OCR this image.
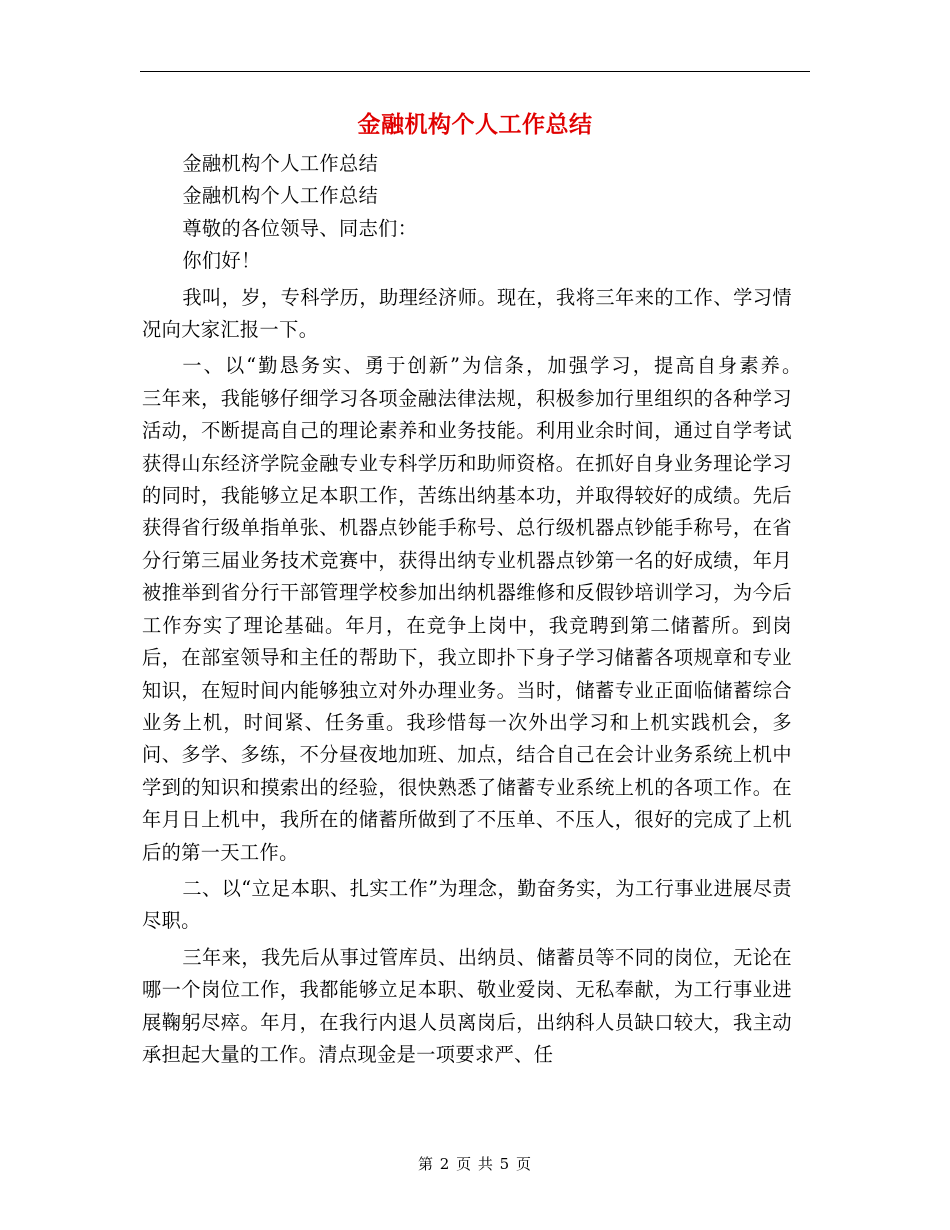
金融机构个人工作总结

金融机构个人工作总结

金融机构个人工作总结

尊敬的各位领导、同志们：

你们好！

我叫，岁，专科学历，助理经济师。现在，我将三年来的工作、学习情况向大家汇报一下。

一、以“勤恳务实、勇于创新”为信条，加强学习，提高自身素养。　　三年来，我能够仔细学习各项金融法律法规，积极参加行里组织的各种学习活动，不断提高自己的理论素养和业务技能。利用业余时间，通过自学考试获得山东经济学院金融专业专科学历和助师资格。在抓好自身业务理论学习的同时，我能够立足本职工作，苦练出纳基本功，并取得较好的成绩。先后获得省行级单指单张、机器点钞能手称号、总行级机器点钞能手称号，在省分行第三届业务技术竞赛中，获得出纳专业机器点钞第一名的好成绩，年月被推举到省分行干部管理学校参加出纳机器维修和反假钞培训学习，为今后工作夯实了理论基础。年月，在竞争上岗中，我竞聘到第二储蓄所。到岗后，在部室领导和主任的帮助下，我立即扑下身子学习储蓄各项规章和专业知识，在短时间内能够独立对外办理业务。当时，储蓄专业正面临储蓄综合业务上机，时间紧、任务重。我珍惜每一次外出学习和上机实践机会，多问、多学、多练，不分昼夜地加班、加点，结合自己在会计业务系统上机中学到的知识和摸索出的经验，很快熟悉了储蓄专业系统上机的各项工作。在年月日上机中，我所在的储蓄所做到了不压单、不压人，很好的完成了上机后的第一天工作。

二、以“立足本职、扎实工作”为理念，勤奋务实，为工行事业进展尽责尽职。

三年来，我先后从事过管库员、出纳员、储蓄员等不同的岗位，无论在哪一个岗位工作，我都能够立足本职、敬业爱岗、无私奉献，为工行事业进展鞠躬尽瘁。年月，在我行内退人员离岗后，出纳科人员缺口较大，我主动承担起大量的工作。清点现金是一项要求严、任

第 2 页 共 5 页
